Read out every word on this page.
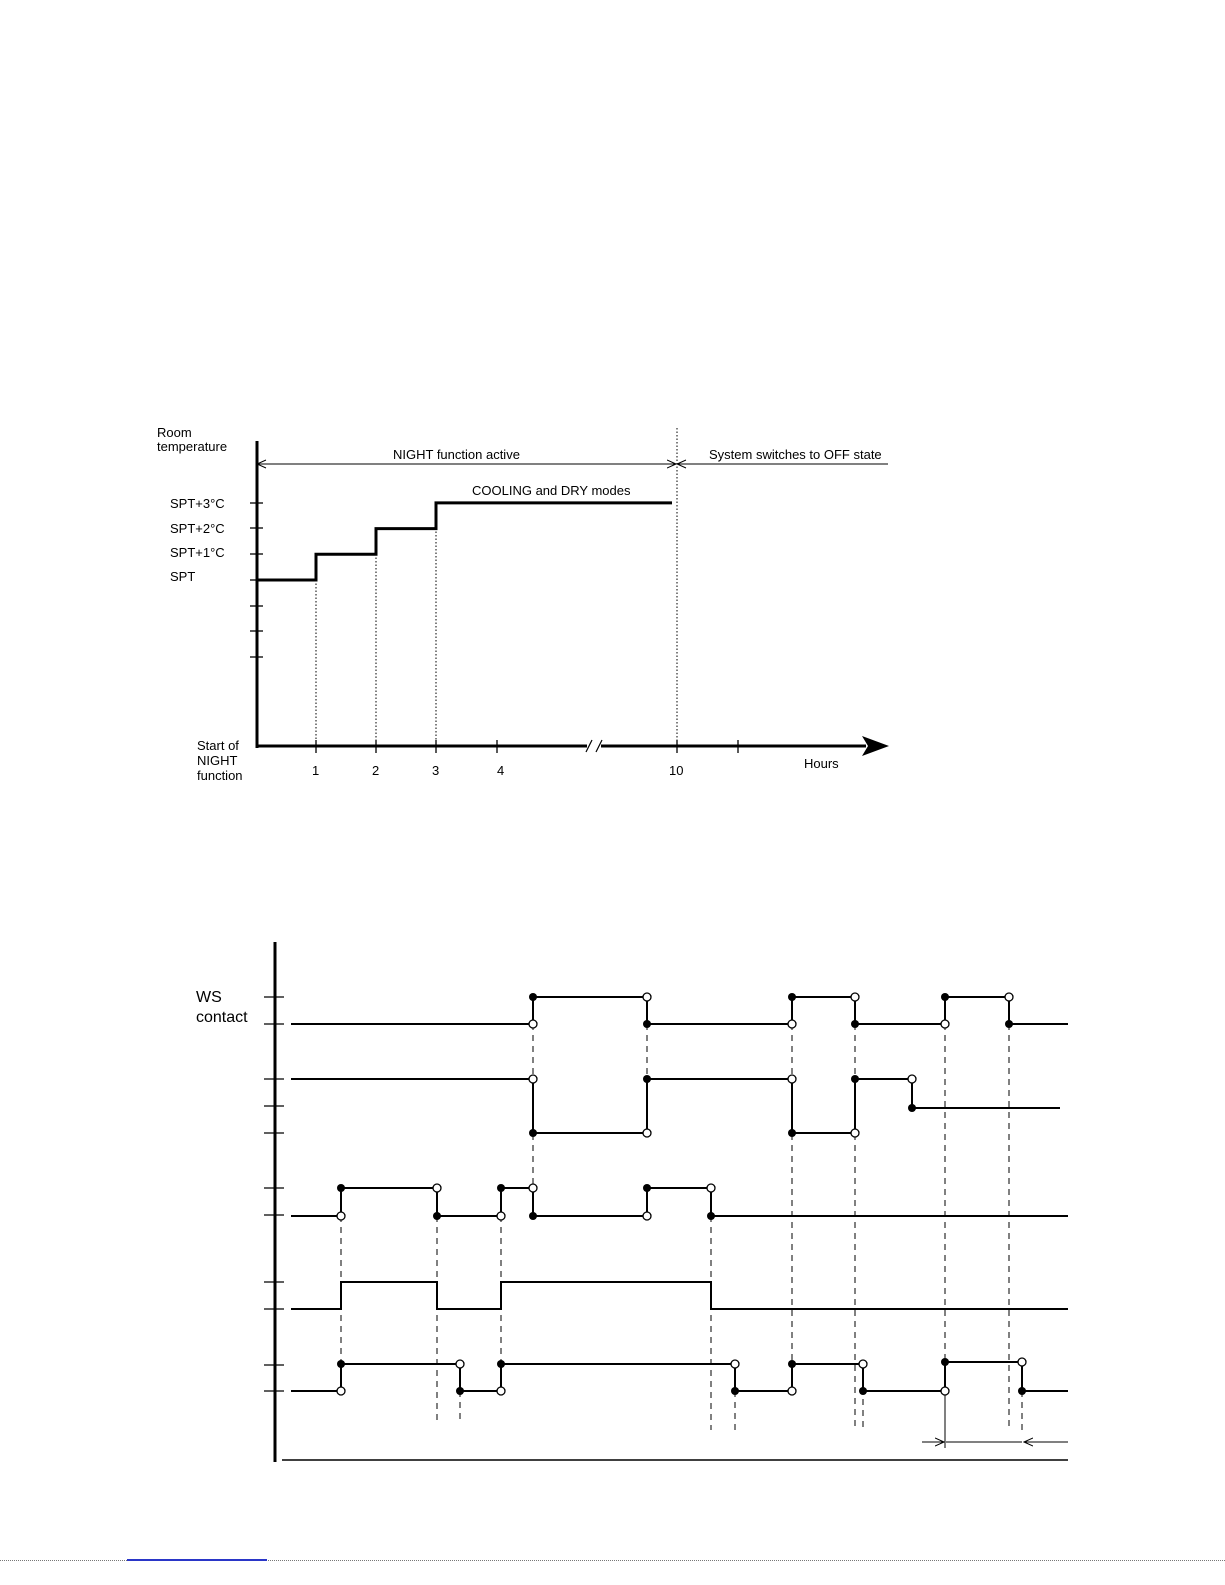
Room
temperature
SPT+3°C
SPT+2°C
SPT+1°C
SPT
1	2	3	4	10	Hours
Start of
NIGHT
function
NIGHT function active	System switches to OFF state
COOLING and DRY modes
WS
contact
